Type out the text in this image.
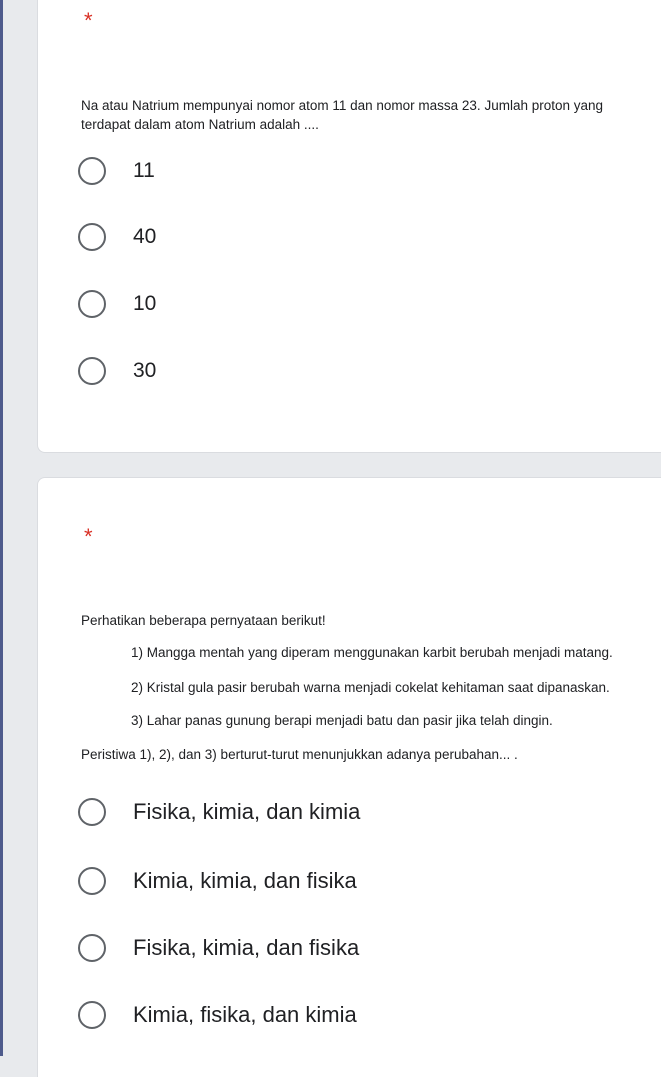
*
Na atau Natrium mempunyai nomor atom 11 dan nomor massa 23. Jumlah proton yang terdapat dalam atom Natrium adalah ....
11
40
10
30
*
Perhatikan beberapa pernyataan berikut!
1) Mangga mentah yang diperam menggunakan karbit berubah menjadi matang.
2) Kristal gula pasir berubah warna menjadi cokelat kehitaman saat dipanaskan.
3) Lahar panas gunung berapi menjadi batu dan pasir jika telah dingin.
Peristiwa 1), 2), dan 3) berturut-turut menunjukkan adanya perubahan... .
Fisika, kimia, dan kimia
Kimia, kimia, dan fisika
Fisika, kimia, dan fisika
Kimia, fisika, dan kimia
